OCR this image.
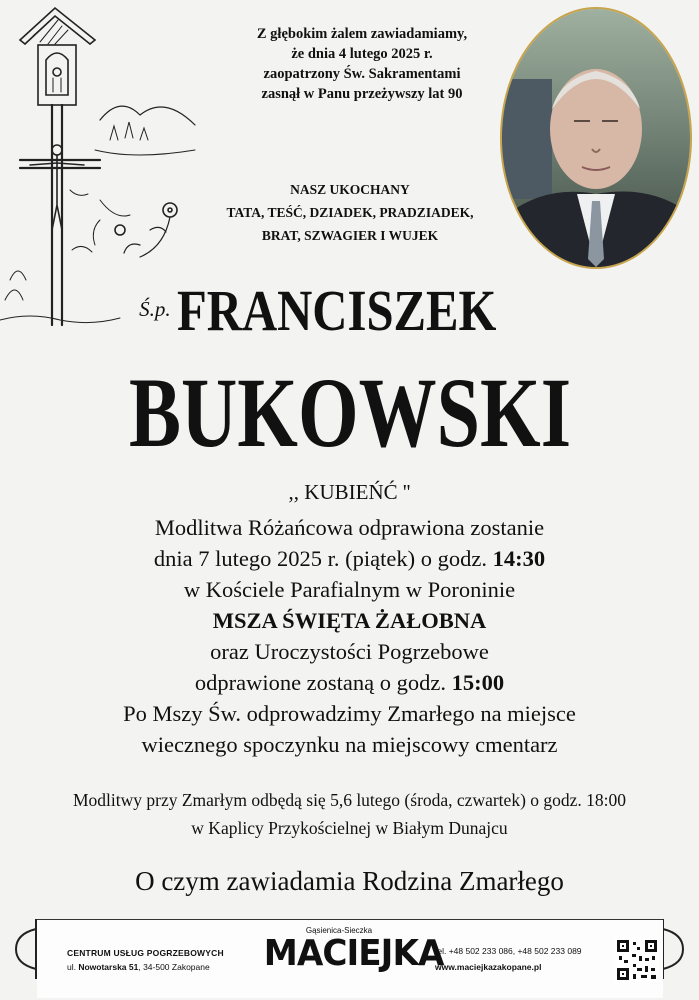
Z głębokim żalem zawiadamiamy,
że dnia 4 lutego 2025 r.
zaopatrzony Św. Sakramentami
zasnął w Panu przeżywszy lat 90
NASZ UKOCHANY
TATA, TEŚĆ, DZIADEK, PRADZIADEK,
BRAT, SZWAGIER I WUJEK
Ś.p. FRANCISZEK
BUKOWSKI
,, KUBIEŃĆ ''
Modlitwa Różańcowa odprawiona zostanie
dnia 7 lutego 2025 r. (piątek) o godz. 14:30
w Kościele Parafialnym w Poroninie
MSZA ŚWIĘTA ŻAŁOBNA
oraz Uroczystości Pogrzebowe
odprawione zostaną o godz. 15:00
Po Mszy Św. odprowadzimy Zmarłego na miejsce
wiecznego spoczynku na miejscowy cmentarz
Modlitwy przy Zmarłym odbędą się 5,6 lutego (środa, czwartek) o godz. 18:00
w Kaplicy Przykościelnej w Białym Dunajcu
O czym zawiadamia Rodzina Zmarłego
CENTRUM USŁUG POGRZEBOWYCH
ul. Nowotarska 51, 34-500 Zakopane
Gąsienica-Sieczka
MACIEJKA
tel. +48 502 233 086, +48 502 233 089
www.maciejkazakopane.pl
